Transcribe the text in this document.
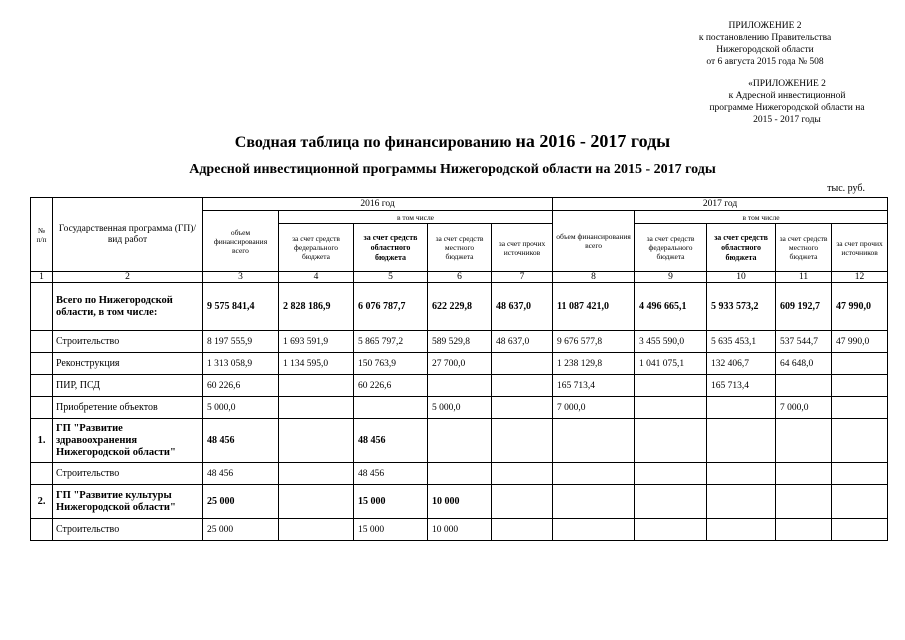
ПРИЛОЖЕНИЕ 2
к постановлению Правительства
Нижегородской области
от 6 августа 2015 года № 508
«ПРИЛОЖЕНИЕ 2
к Адресной инвестиционной
программе Нижегородской области на
2015 - 2017 годы
Сводная таблица по финансированию на 2016 - 2017 годы
Адресной инвестиционной программы Нижегородской области на 2015 - 2017 годы
тыс. руб.
№ п/п	Государственная программа (ГП)/ вид работ	2016 год					2017 год				
		объем финансирования всего	в том числе				объем финансирования всего	в том числе			
			за счет средств федерального бюджета	за счет средств областного бюджета	за счет средств местного бюджета	за счет прочих источников		за счет средств федерального бюджета	за счет средств областного бюджета	за счет средств местного бюджета	за счет прочих источников
1	2	3	4	5	6	7	8	9	10	11	12
	Всего по Нижегородской области, в том числе:	9 575 841,4	2 828 186,9	6 076 787,7	622 229,8	48 637,0	11 087 421,0	4 496 665,1	5 933 573,2	609 192,7	47 990,0
	Строительство	8 197 555,9	1 693 591,9	5 865 797,2	589 529,8	48 637,0	9 676 577,8	3 455 590,0	5 635 453,1	537 544,7	47 990,0
	Реконструкция	1 313 058,9	1 134 595,0	150 763,9	27 700,0		1 238 129,8	1 041 075,1	132 406,7	64 648,0	
	ПИР, ПСД	60 226,6		60 226,6			165 713,4		165 713,4		
	Приобретение объектов	5 000,0			5 000,0		7 000,0			7 000,0	
1.	ГП "Развитие здравоохранения Нижегородской области"	48 456		48 456							
	Строительство	48 456		48 456							
2.	ГП "Развитие культуры Нижегородской области"	25 000		15 000	10 000						
	Строительство	25 000		15 000	10 000						
